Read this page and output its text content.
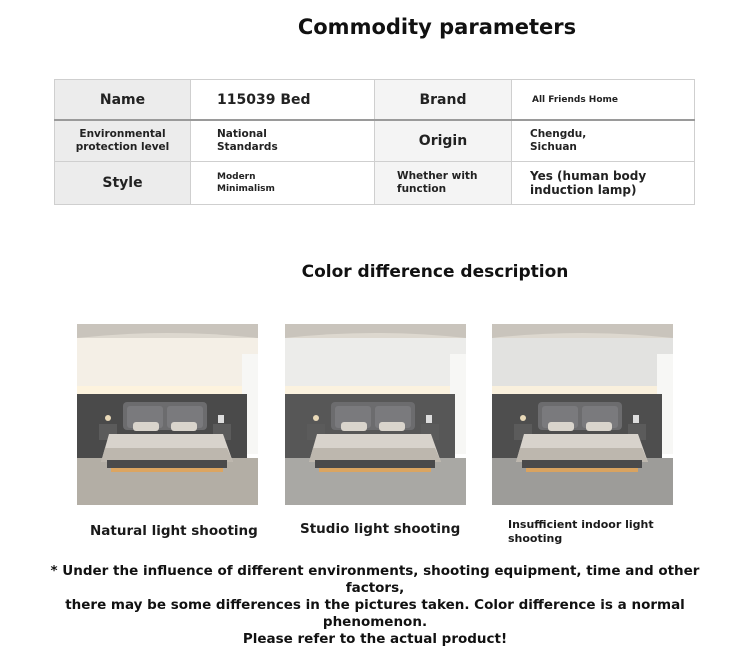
Commodity parameters
Name	115039 Bed	Brand	All Friends Home
Environmental protection level	National Standards	Origin	Chengdu, Sichuan
Style	Modern Minimalism	Whether with function	Yes (human body induction lamp)
Color difference description
Natural light shooting	Studio light shooting	Insufficient indoor light shooting
* Under the influence of different environments, shooting equipment, time and other factors,
there may be some differences in the pictures taken. Color difference is a normal phenomenon.
Please refer to the actual product!
